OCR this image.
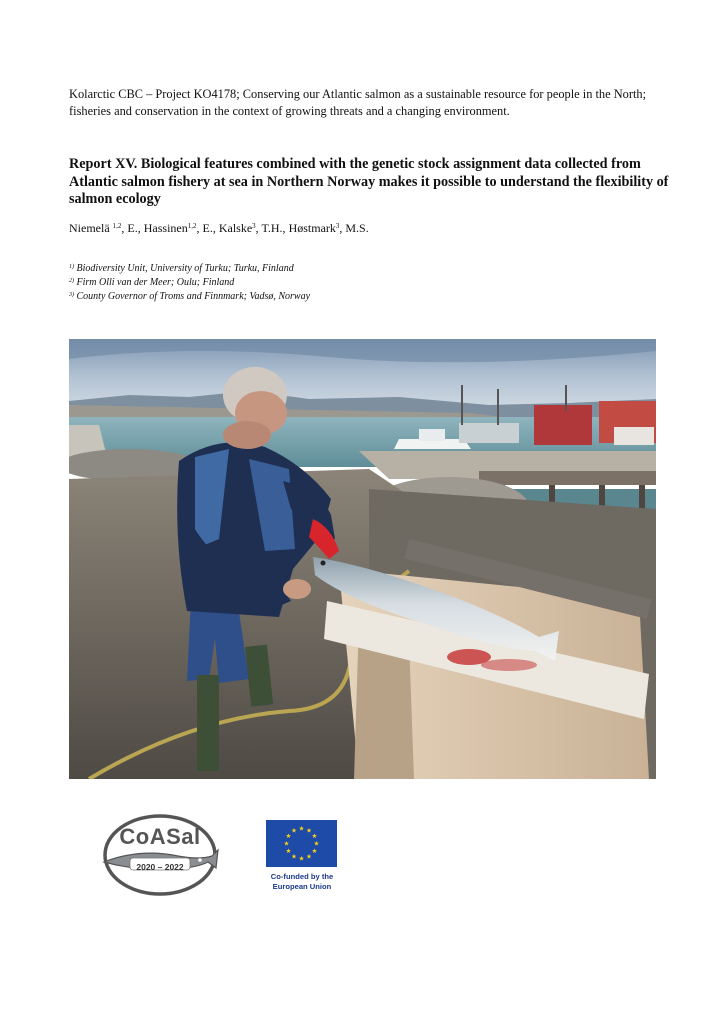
Kolarctic CBC – Project KO4178; Conserving our Atlantic salmon as a sustainable resource for people in the North; fisheries and conservation in the context of growing threats and a changing environment.
Report XV. Biological features combined with the genetic stock assignment data collected from Atlantic salmon fishery at sea in Northern Norway makes it possible to understand the flexibility of salmon ecology
Niemelä $^{1,2}$, E., Hassinen$^{1,2}$, E., Kalske$^3$, T.H., Høstmark$^3$, M.S.
$^{1)}$ Biodiversity Unit, University of Turku; Turku, Finland
$^{2)}$ Firm Olli van der Meer; Oulu; Finland
$^{3)}$ County Governor of Troms and Finnmark; Vadsø, Norway
CoASal
2020 – 2022
Co-funded by the
European Union
